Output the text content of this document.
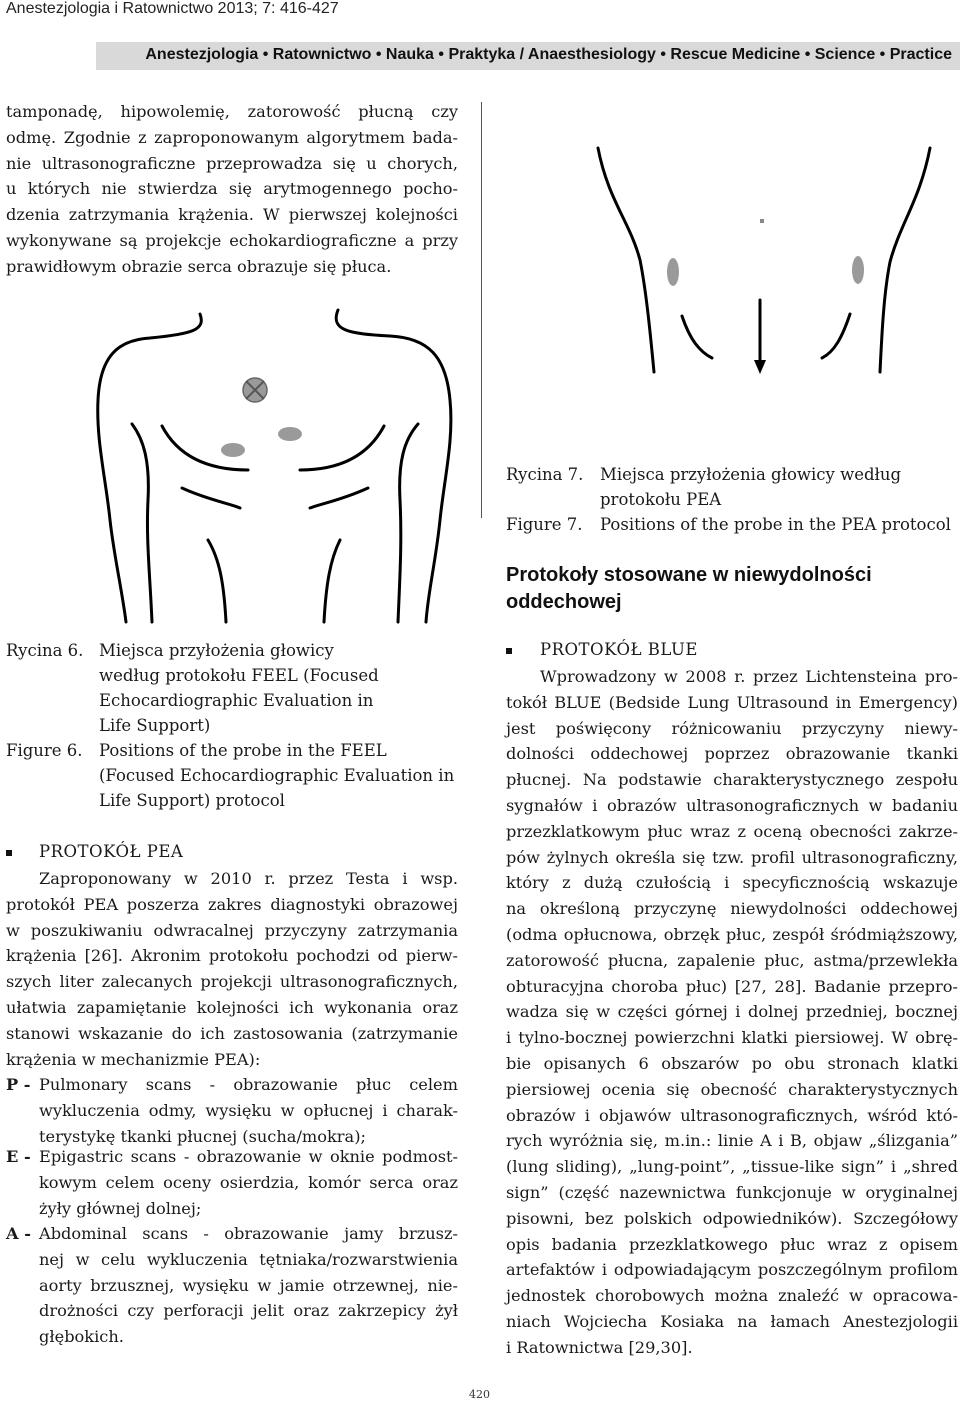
Anestezjologia i Ratownictwo 2013; 7: 416-427
Anestezjologia • Ratownictwo • Nauka • Praktyka / Anaesthesiology • Rescue Medicine • Science • Practice
tamponadę, hipowolemię, zatorowość płucną czy
odmę. Zgodnie z zaproponowanym algorytmem bada-
nie ultrasonograficzne przeprowadza się u chorych,
u których nie stwierdza się arytmogennego pocho-
dzenia zatrzymania krążenia. W pierwszej kolejności
wykonywane są projekcje echokardiograficzne a przy
prawidłowym obrazie serca obrazuje się płuca.
Rycina 7. Miejsca przyłożenia głowicy według
protokołu PEA
Figure 7. Positions of the probe in the PEA protocol
Protokoły stosowane w niewydolności
oddechowej
Rycina 6. Miejsca przyłożenia głowicy
według protokołu FEEL (Focused
Echocardiographic Evaluation in
Life Support)
Figure 6. Positions of the probe in the FEEL
(Focused Echocardiographic Evaluation in
Life Support) protocol
PROTOKÓŁ PEA
Zaproponowany w 2010 r. przez Testa i wsp.
protokół PEA poszerza zakres diagnostyki obrazowej
w poszukiwaniu odwracalnej przyczyny zatrzymania
krążenia [26]. Akronim protokołu pochodzi od pierw-
szych liter zalecanych projekcji ultrasonograficznych,
ułatwia zapamiętanie kolejności ich wykonania oraz
stanowi wskazanie do ich zastosowania (zatrzymanie
krążenia w mechanizmie PEA):
P - Pulmonary scans - obrazowanie płuc celem
wykluczenia odmy, wysięku w opłucnej i charak-
terystykę tkanki płucnej (sucha/mokra);
E - Epigastric scans - obrazowanie w oknie podmost-
kowym celem oceny osierdzia, komór serca oraz
żyły głównej dolnej;
A - Abdominal scans - obrazowanie jamy brzusz-
nej w celu wykluczenia tętniaka/rozwarstwienia
aorty brzusznej, wysięku w jamie otrzewnej, nie-
drożności czy perforacji jelit oraz zakrzepicy żył
głębokich.
PROTOKÓŁ BLUE
Wprowadzony w 2008 r. przez Lichtensteina pro-
tokół BLUE (Bedside Lung Ultrasound in Emergency)
jest poświęcony różnicowaniu przyczyny niewy-
dolności oddechowej poprzez obrazowanie tkanki
płucnej. Na podstawie charakterystycznego zespołu
sygnałów i obrazów ultrasonograficznych w badaniu
przezklatkowym płuc wraz z oceną obecności zakrze-
pów żylnych określa się tzw. profil ultrasonograficzny,
który z dużą czułością i specyficznością wskazuje
na określoną przyczynę niewydolności oddechowej
(odma opłucnowa, obrzęk płuc, zespół śródmiąższowy,
zatorowość płucna, zapalenie płuc, astma/przewlekła
obturacyjna choroba płuc) [27, 28]. Badanie przepro-
wadza się w części górnej i dolnej przedniej, bocznej
i tylno-bocznej powierzchni klatki piersiowej. W obrę-
bie opisanych 6 obszarów po obu stronach klatki
piersiowej ocenia się obecność charakterystycznych
obrazów i objawów ultrasonograficznych, wśród któ-
rych wyróżnia się, m.in.: linie A i B, objaw „ślizgania”
(lung sliding), „lung-point”, „tissue-like sign” i „shred
sign” (część nazewnictwa funkcjonuje w oryginalnej
pisowni, bez polskich odpowiedników). Szczegółowy
opis badania przezklatkowego płuc wraz z opisem
artefaktów i odpowiadającym poszczególnym profilom
jednostek chorobowych można znaleźć w opracowa-
niach Wojciecha Kosiaka na łamach Anestezjologii
i Ratownictwa [29,30].
420
